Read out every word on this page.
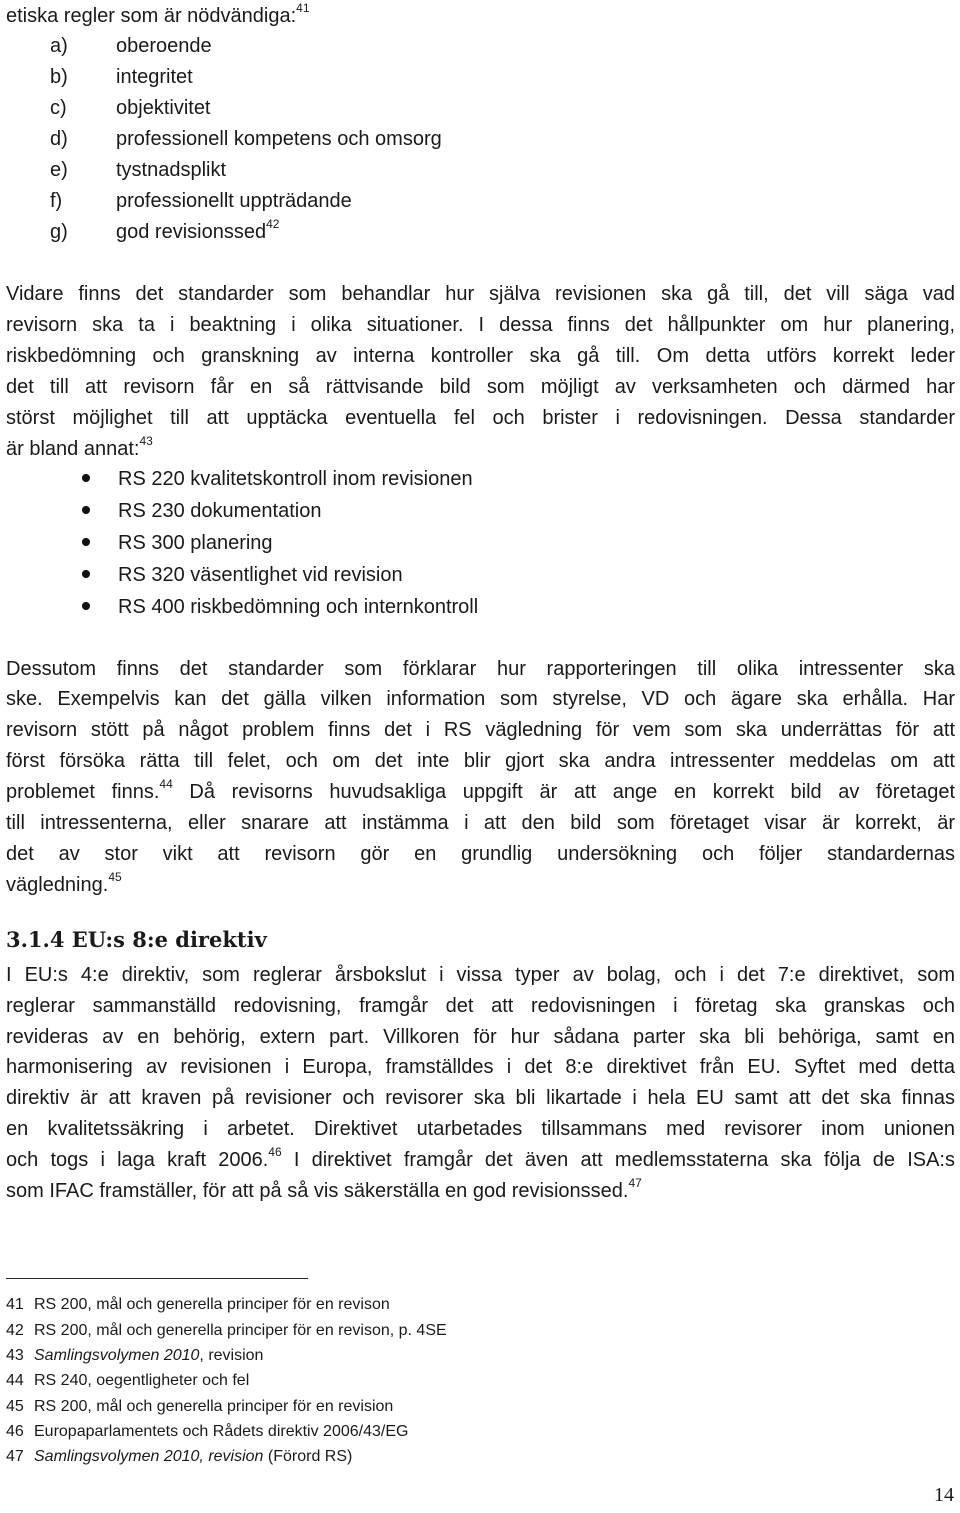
etiska regler som är nödvändiga:$^{41}$
a) oberoende
b) integritet
c) objektivitet
d) professionell kompetens och omsorg
e) tystnadsplikt
f)	professionellt uppträdande
g) god revisionssed$^{42}$
Vidare finns det standarder som behandlar hur själva revisionen ska gå till, det vill säga vad
revisorn ska ta i beaktning i olika situationer. I dessa finns det hållpunkter om hur planering,
riskbedömning och granskning av interna kontroller ska gå till. Om detta utförs korrekt leder
det till att revisorn får en så rättvisande bild som möjligt av verksamheten och därmed har
störst möjlighet till att upptäcka eventuella fel och brister i redovisningen. Dessa standarder
är bland annat:$^{43}$
RS 220 kvalitetskontroll inom revisionen
RS 230 dokumentation
RS 300 planering
RS 320 väsentlighet vid revision
RS 400 riskbedömning och internkontroll
Dessutom finns det standarder som förklarar hur rapporteringen till olika intressenter ska
ske. Exempelvis kan det gälla vilken information som styrelse, VD och ägare ska erhålla. Har
revisorn stött på något problem finns det i RS vägledning för vem som ska underrättas för att
först försöka rätta till felet, och om det inte blir gjort ska andra intressenter meddelas om att
problemet finns.$^{44}$ Då revisorns huvudsakliga uppgift är att ange en korrekt bild av företaget
till intressenterna, eller snarare att instämma i att den bild som företaget visar är korrekt, är
det av stor vikt att revisorn gör en grundlig undersökning och följer standardernas
vägledning.$^{45}$
3.1.4 EU:s 8:e direktiv
I EU:s 4:e direktiv, som reglerar årsbokslut i vissa typer av bolag, och i det 7:e direktivet, som
reglerar sammanställd redovisning, framgår det att redovisningen i företag ska granskas och
revideras av en behörig, extern part. Villkoren för hur sådana parter ska bli behöriga, samt en
harmonisering av revisionen i Europa, framställdes i det 8:e direktivet från EU. Syftet med detta
direktiv är att kraven på revisioner och revisorer ska bli likartade i hela EU samt att det ska finnas
en kvalitetssäkring i arbetet. Direktivet utarbetades tillsammans med revisorer inom unionen
och togs i laga kraft 2006.46 I direktivet framgår det även att medlemsstaterna ska följa de ISA:s
som IFAC framställer, för att på så vis säkerställa en god revisionssed.$^{47}$
41 RS 200, mål och generella principer för en revison
42 RS 200, mål och generella principer för en revison, p. 4SE
43 Samlingsvolymen 2010, revision
44 RS 240, oegentligheter och fel
45 RS 200, mål och generella principer för en revision
46 Europaparlamentets och Rådets direktiv 2006/43/EG
47 Samlingsvolymen 2010, revision (Förord RS)
14
